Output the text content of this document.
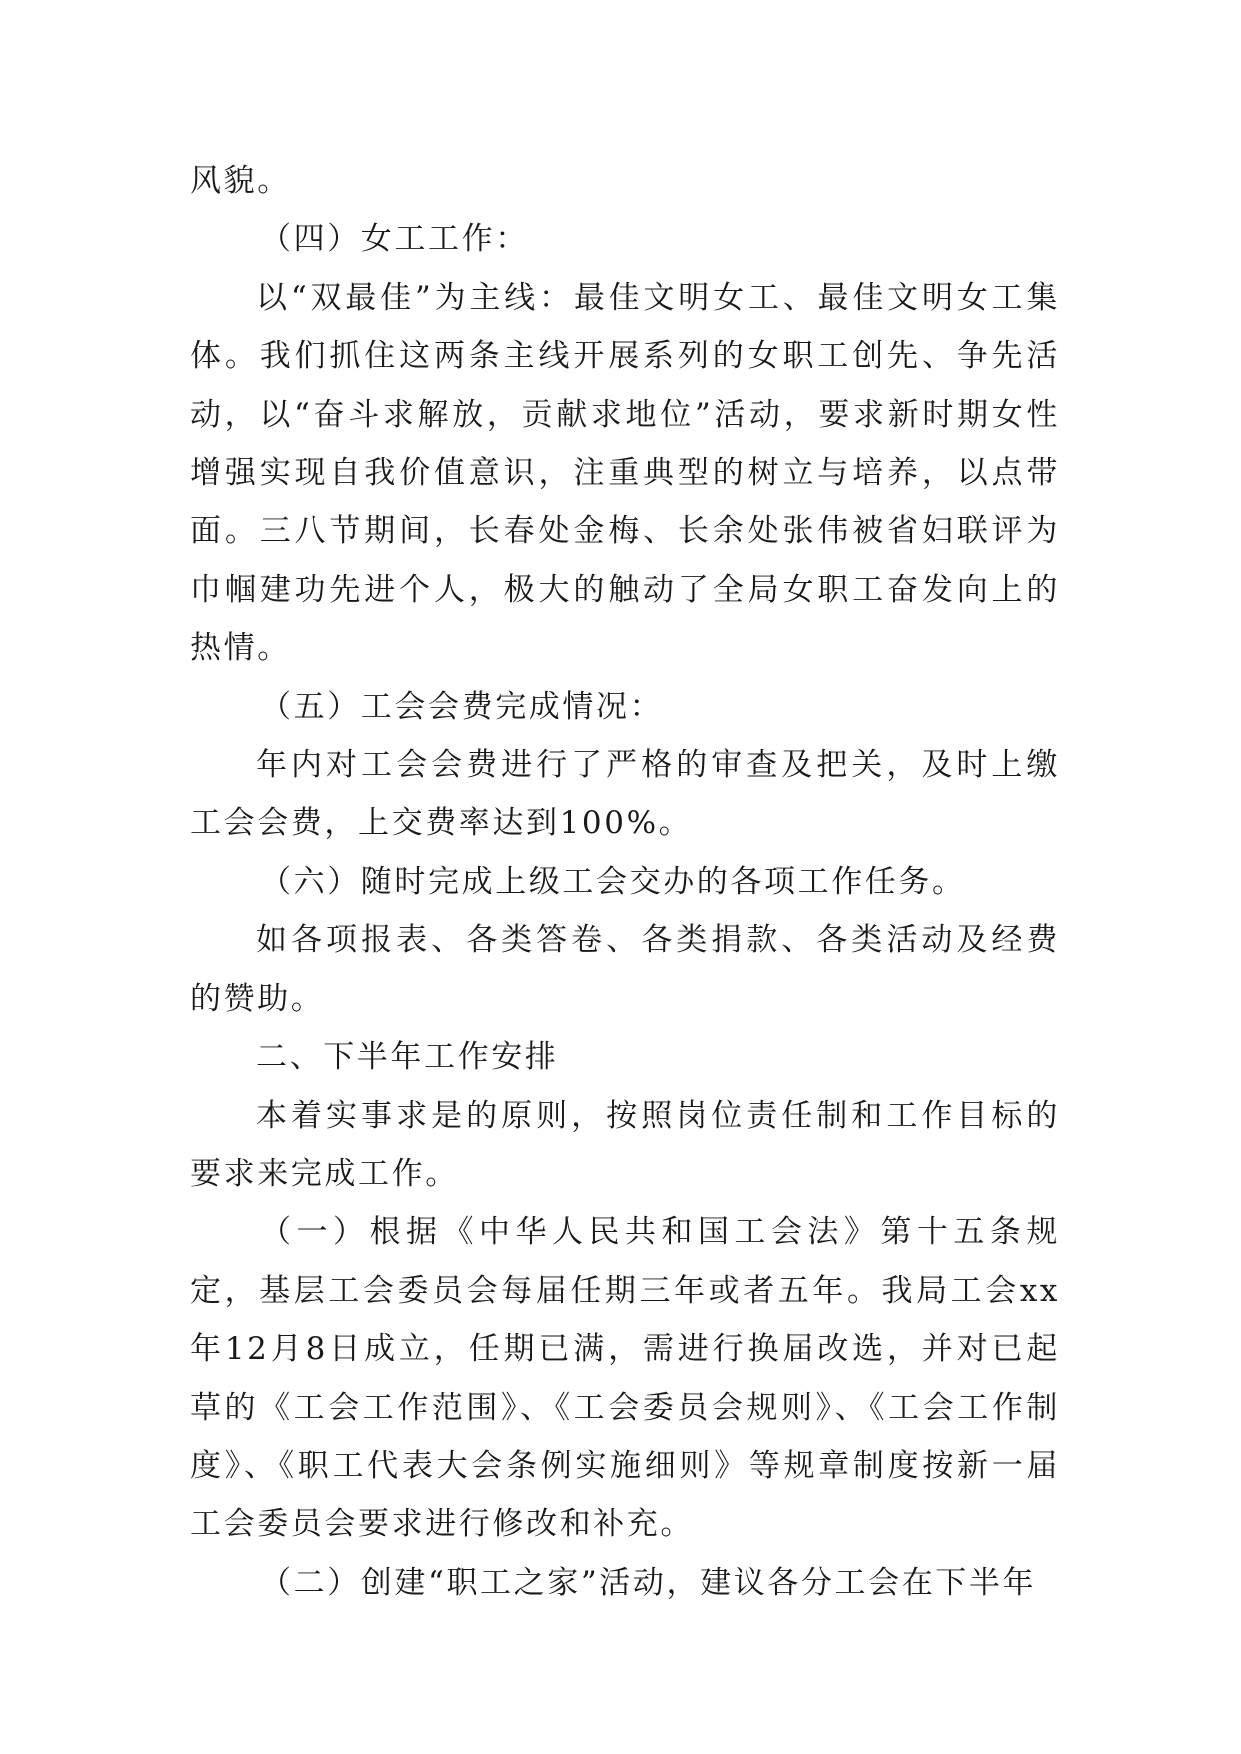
风貌。

（四）女工工作：

以“双最佳”为主线：最佳文明女工、最佳文明女工集体。我们抓住这两条主线开展系列的女职工创先、争先活动，以“奋斗求解放，贡献求地位”活动，要求新时期女性增强实现自我价值意识，注重典型的树立与培养，以点带面。三八节期间，长春处金梅、长余处张伟被省妇联评为巾帼建功先进个人，极大的触动了全局女职工奋发向上的热情。

（五）工会会费完成情况：

年内对工会会费进行了严格的审查及把关，及时上缴工会会费，上交费率达到100%。

（六）随时完成上级工会交办的各项工作任务。

如各项报表、各类答卷、各类捐款、各类活动及经费的赞助。

二、下半年工作安排

本着实事求是的原则，按照岗位责任制和工作目标的要求来完成工作。

（一）根据《中华人民共和国工会法》第十五条规定，基层工会委员会每届任期三年或者五年。我局工会xx年12月8日成立，任期已满，需进行换届改选，并对已起草的《工会工作范围》、《工会委员会规则》、《工会工作制度》、《职工代表大会条例实施细则》等规章制度按新一届工会委员会要求进行修改和补充。

（二）创建“职工之家”活动，建议各分工会在下半年
